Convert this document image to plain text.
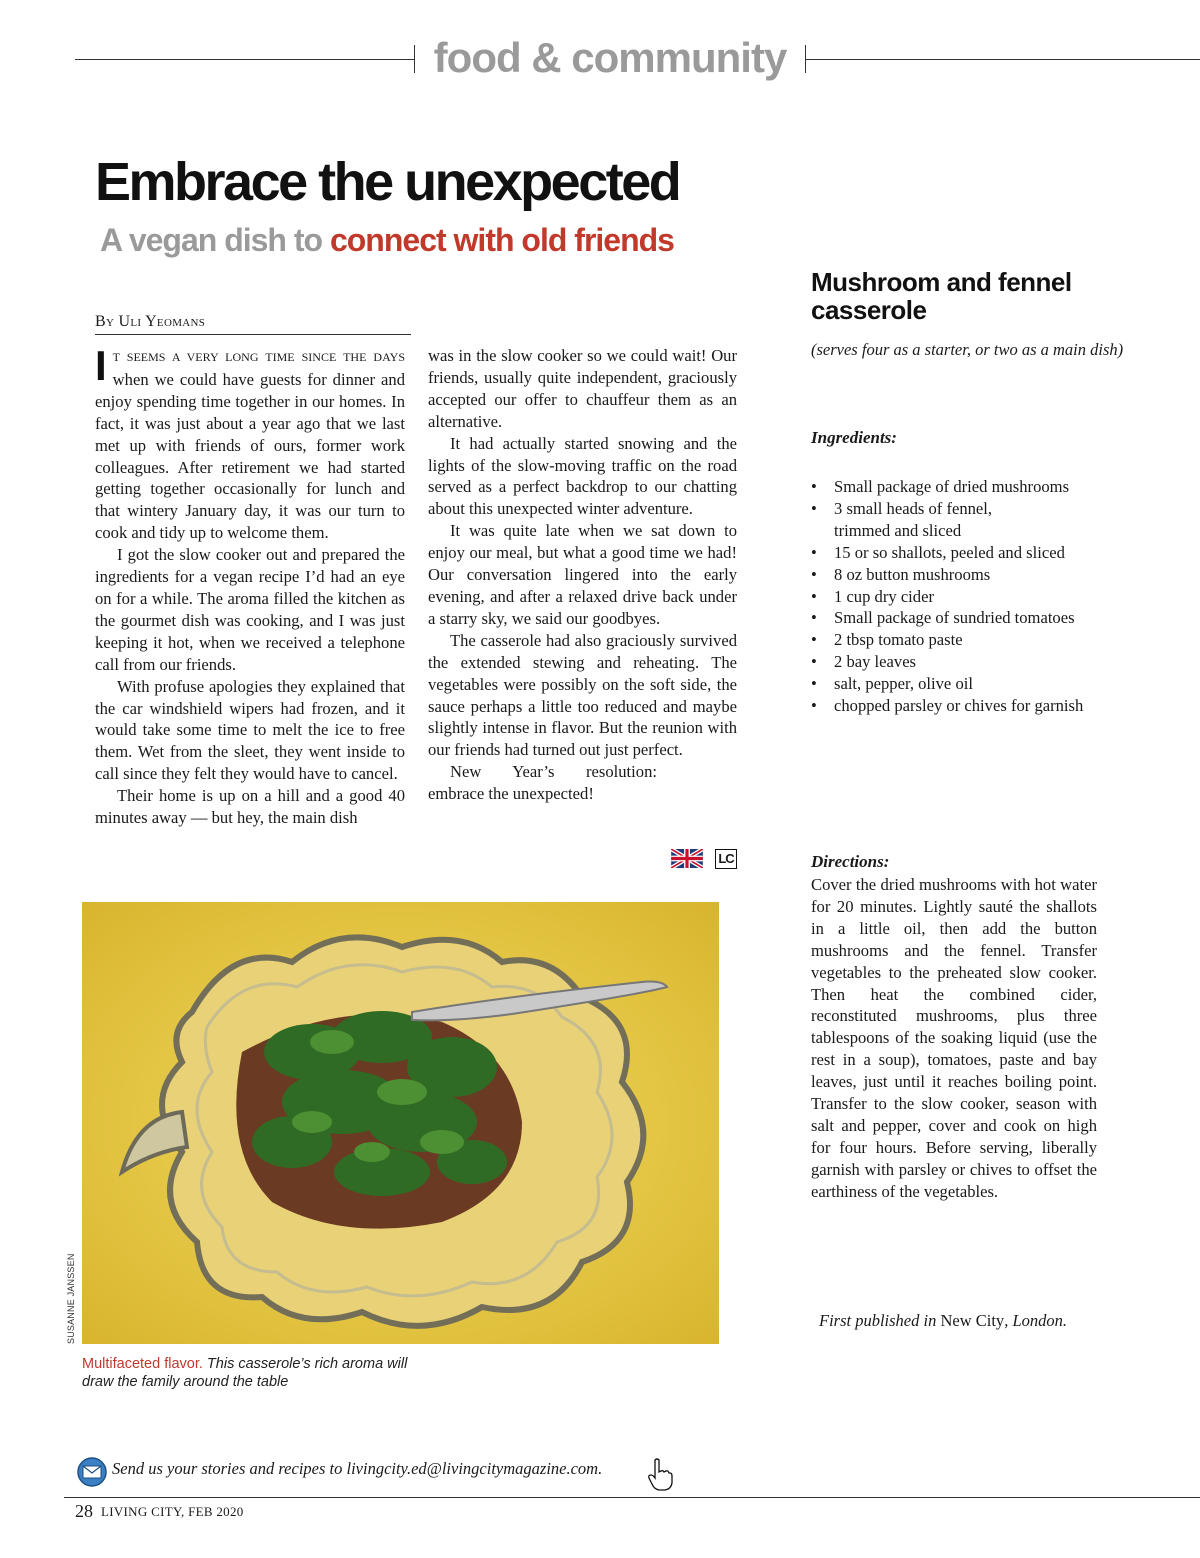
food & community
Embrace the unexpected
A vegan dish to connect with old friends
By Uli Yeomans

I T SEEMS A VERY LONG TIME SINCE THE DAYS when we could have guests for dinner and enjoy spending time together in our homes. In fact, it was just about a year ago that we last met up with friends of ours, former work colleagues. After retirement we had started getting together occasionally for lunch and that wintery January day, it was our turn to cook and tidy up to welcome them.

I got the slow cooker out and prepared the ingredients for a vegan recipe I’d had an eye on for a while. The aroma filled the kitchen as the gourmet dish was cooking, and I was just keeping it hot, when we received a telephone call from our friends.

With profuse apologies they explained that the car windshield wipers had frozen, and it would take some time to melt the ice to free them. Wet from the sleet, they went inside to call since they felt they would have to cancel.

Their home is up on a hill and a good 40 minutes away — but hey, the main dish

was in the slow cooker so we could wait! Our friends, usually quite independent, graciously accepted our offer to chauffeur them as an alternative.

It had actually started snowing and the lights of the slow-moving traffic on the road served as a perfect backdrop to our chatting about this unexpected winter adventure.

It was quite late when we sat down to enjoy our meal, but what a good time we had! Our conversation lingered into the early evening, and after a relaxed drive back under a starry sky, we said our goodbyes.

The casserole had also graciously survived the extended stewing and reheating. The vegetables were possibly on the soft side, the sauce perhaps a little too reduced and maybe slightly intense in flavor. But the reunion with our friends had turned out just perfect.

New Year’s resolution: embrace the unexpected!

LC
SUSANNE JANSSEN
Multifaceted flavor. This casserole’s rich aroma will draw the family around the table
Mushroom and fennel casserole
(serves four as a starter, or two as a main dish)
Ingredients:
• Small package of dried mushrooms
• 3 small heads of fennel, trimmed and sliced
• 15 or so shallots, peeled and sliced
• 8 oz button mushrooms
• 1 cup dry cider
• Small package of sundried tomatoes
• 2 tbsp tomato paste
• 2 bay leaves
• salt, pepper, olive oil
• chopped parsley or chives for garnish
Directions:

Cover the dried mushrooms with hot water for 20 minutes. Lightly sauté the shallots in a little oil, then add the button mushrooms and the fennel. Transfer vegetables to the preheated slow cooker. Then heat the combined cider, reconstituted mushrooms, plus three tablespoons of the soaking liquid (use the rest in a soup), tomatoes, paste and bay leaves, just until it reaches boiling point. Transfer to the slow cooker, season with salt and pepper, cover and cook on high for four hours. Before serving, liberally garnish with parsley or chives to offset the earthiness of the vegetables.

First published in New City, London.
Send us your stories and recipes to livingcity.ed@livingcitymagazine.com.
28 LIVING CITY, FEB 2020
